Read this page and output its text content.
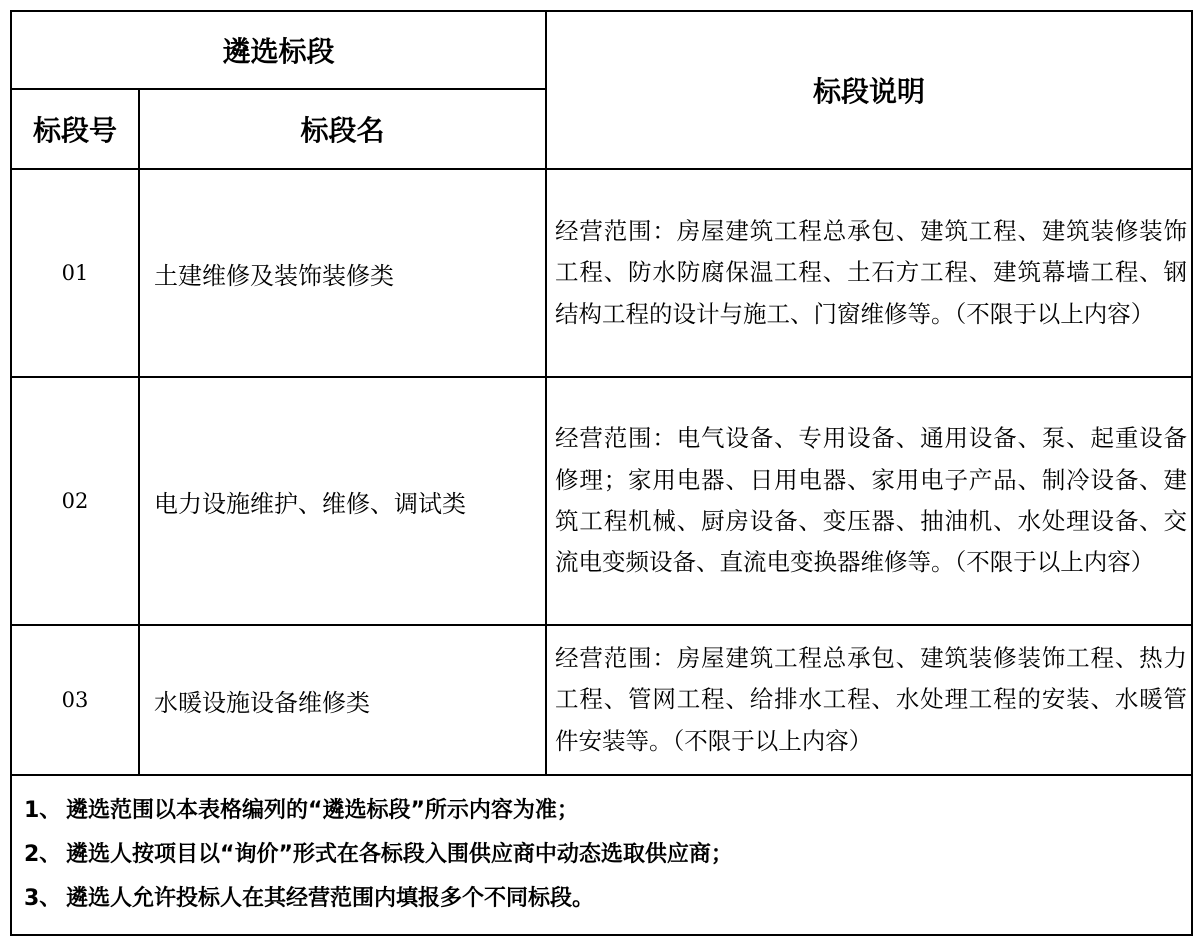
遴选标段		标段说明
标段号	标段名	
01	土建维修及装饰装修类	经营范围：房屋建筑工程总承包、建筑工程、建筑装修装饰工程、防水防腐保温工程、土石方工程、建筑幕墙工程、钢结构工程的设计与施工、门窗维修等。（不限于以上内容）
02	电力设施维护、维修、调试类	经营范围：电气设备、专用设备、通用设备、泵、起重设备修理；家用电器、日用电器、家用电子产品、制冷设备、建筑工程机械、厨房设备、变压器、抽油机、水处理设备、交流电变频设备、直流电变换器维修等。（不限于以上内容）
03	水暖设施设备维修类	经营范围：房屋建筑工程总承包、建筑装修装饰工程、热力工程、管网工程、给排水工程、水处理工程的安装、水暖管件安装等。（不限于以上内容）

1、 遴选范围以本表格编列的“遴选标段”所示内容为准；
2、 遴选人按项目以“询价”形式在各标段入围供应商中动态选取供应商；
3、 遴选人允许投标人在其经营范围内填报多个不同标段。		
